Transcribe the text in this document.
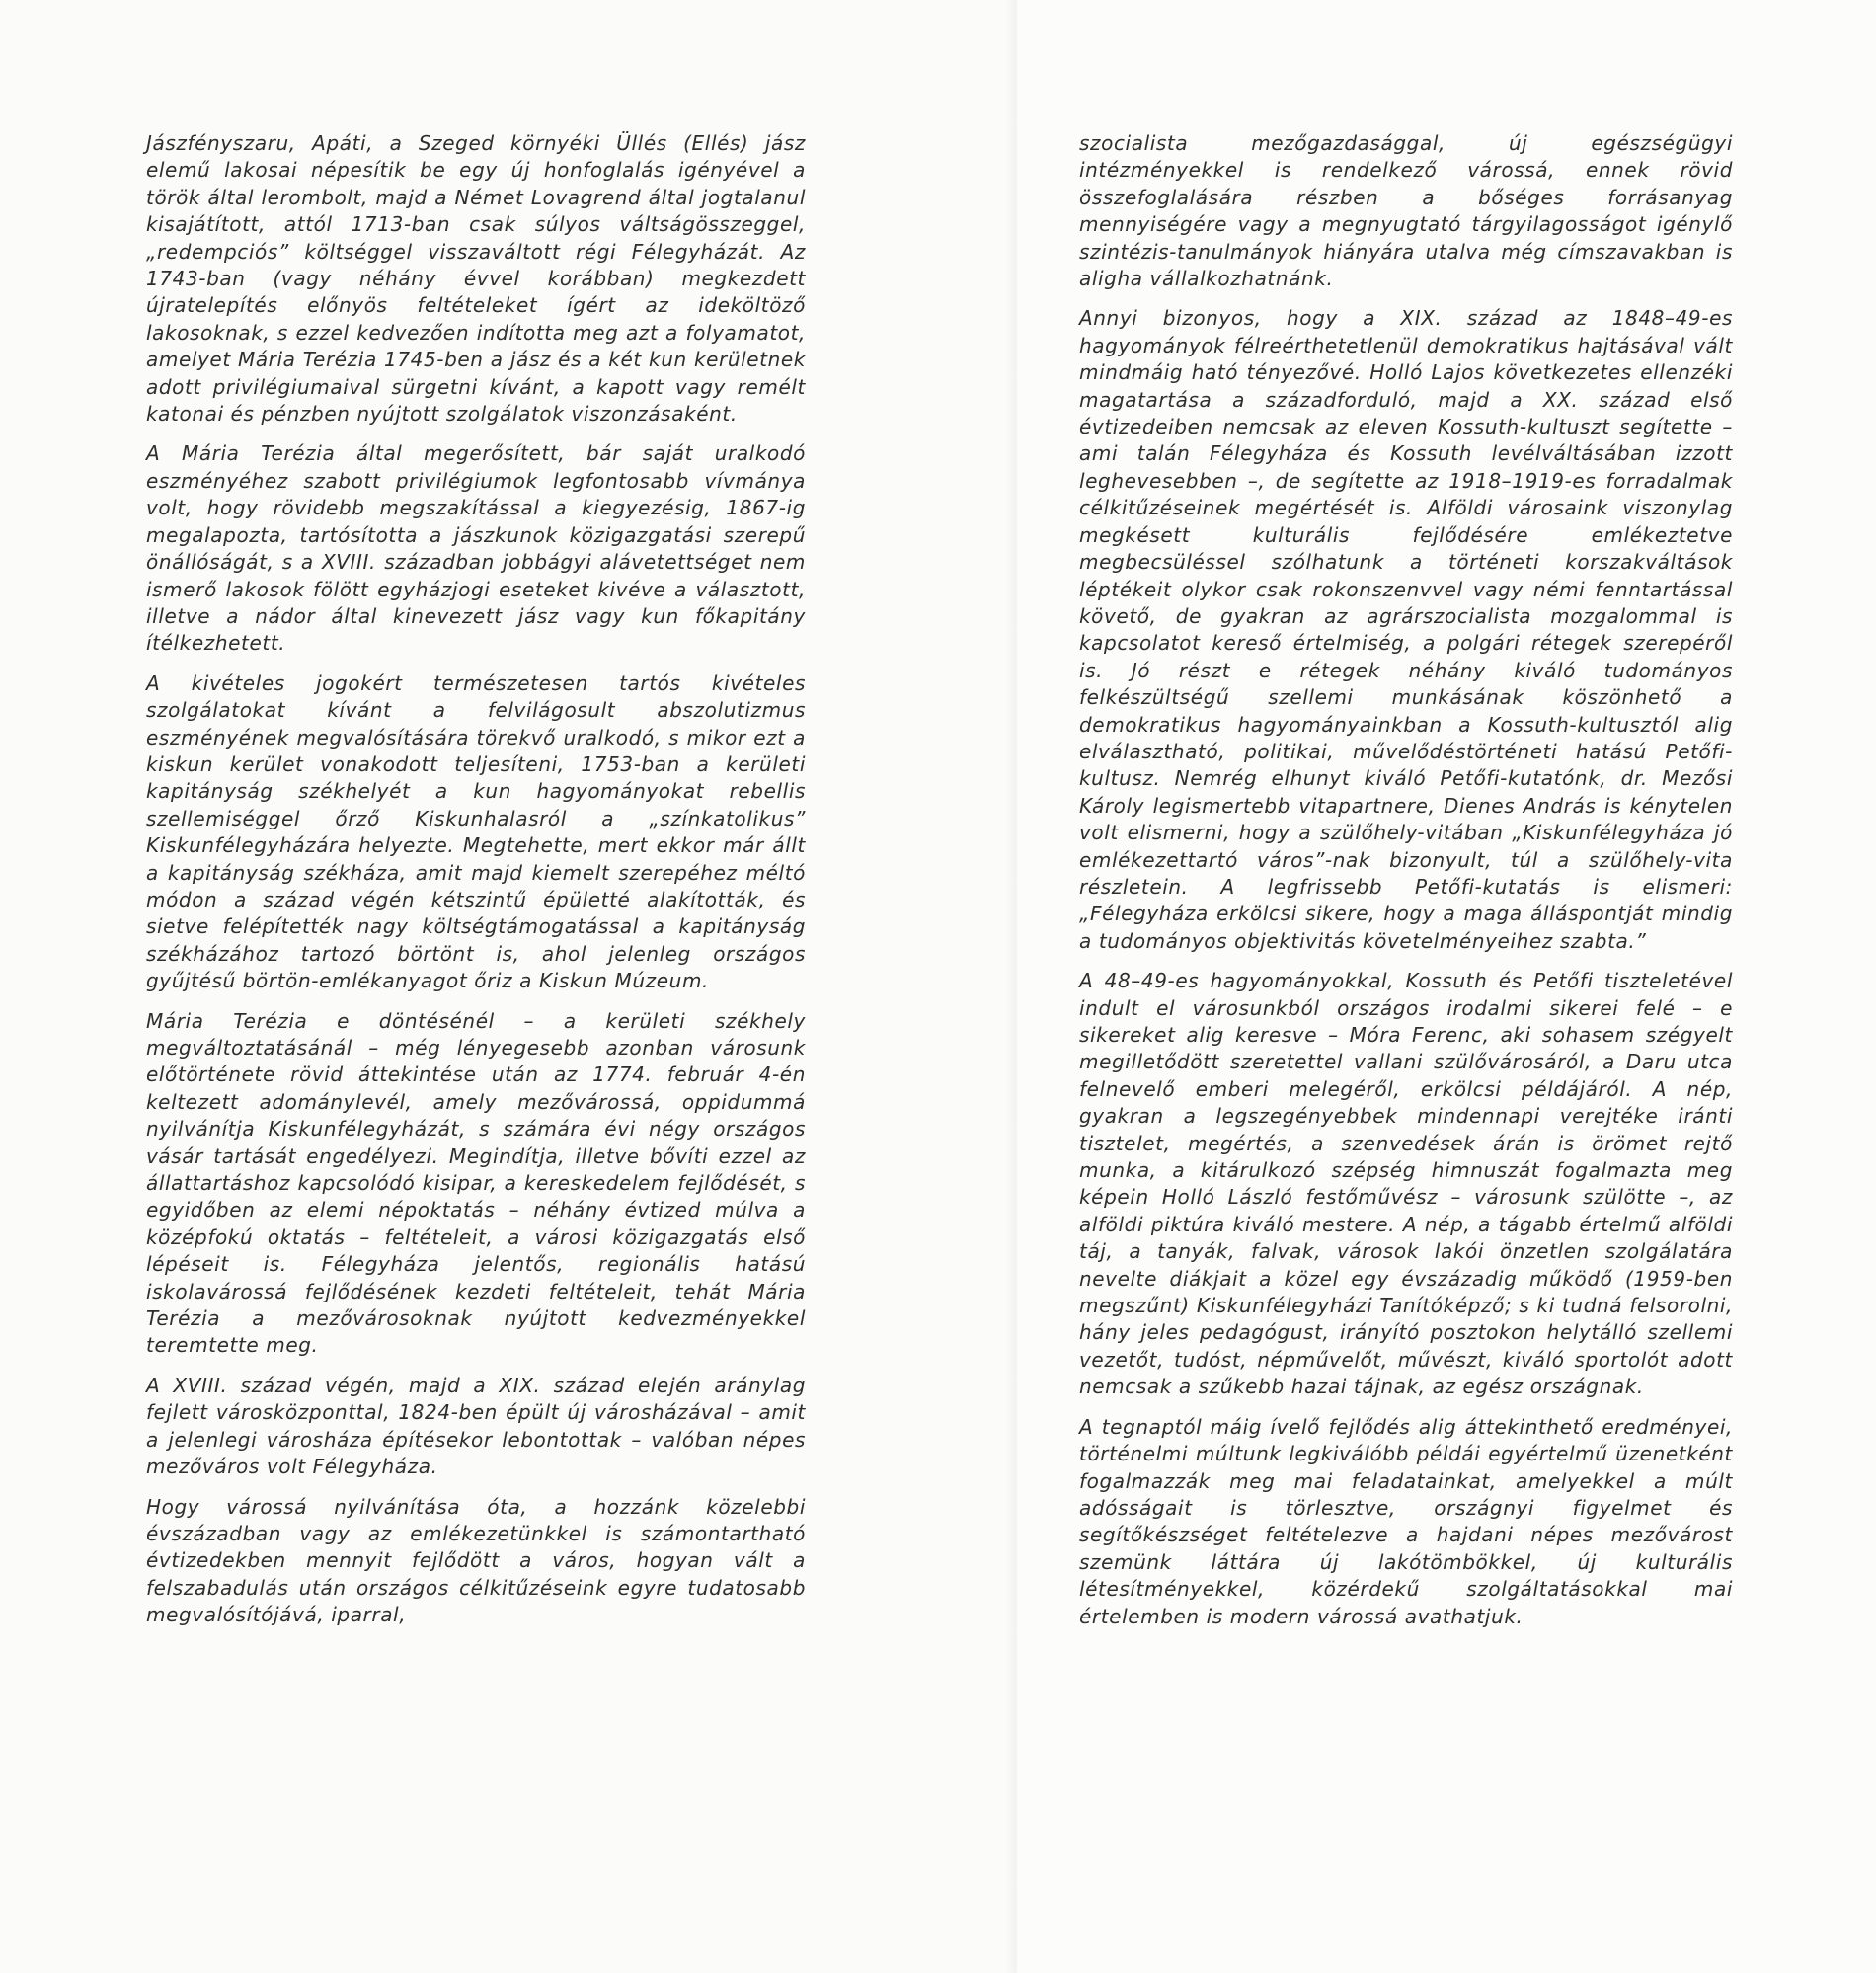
Jászfényszaru, Apáti, a Szeged környéki Üllés (Ellés) jász elemű lakosai népesítik be egy új honfoglalás igényével a török által lerombolt, majd a Német Lovagrend által jogtalanul kisajátított, attól 1713-ban csak súlyos váltságösszeggel, „redempciós” költséggel visszaváltott régi Félegyházát. Az 1743-ban (vagy néhány évvel korábban) megkezdett újratelepítés előnyös feltételeket ígért az ideköltöző lakosoknak, s ezzel kedvezően indította meg azt a folyamatot, amelyet Mária Terézia 1745-ben a jász és a két kun kerületnek adott privilégiumaival sürgetni kívánt, a kapott vagy remélt katonai és pénzben nyújtott szolgálatok viszonzásaként.

A Mária Terézia által megerősített, bár saját uralkodó eszményéhez szabott privilégiumok legfontosabb vívmánya volt, hogy rövidebb megszakítással a kiegyezésig, 1867-ig megalapozta, tartósította a jászkunok közigazgatási szerepű önállóságát, s a XVIII. században jobbágyi alávetettséget nem ismerő lakosok fölött egyházjogi eseteket kivéve a választott, illetve a nádor által kinevezett jász vagy kun főkapitány ítélkezhetett.

A kivételes jogokért természetesen tartós kivételes szolgálatokat kívánt a felvilágosult abszolutizmus eszményének megvalósítására törekvő uralkodó, s mikor ezt a kiskun kerület vonakodott teljesíteni, 1753-ban a kerületi kapitányság székhelyét a kun hagyományokat rebellis szellemiséggel őrző Kiskunhalasról a „színkatolikus” Kiskunfélegyházára helyezte. Megtehette, mert ekkor már állt a kapitányság székháza, amit majd kiemelt szerepéhez méltó módon a század végén kétszintű épületté alakították, és sietve felépítették nagy költségtámogatással a kapitányság székházához tartozó börtönt is, ahol jelenleg országos gyűjtésű börtön-emlékanyagot őriz a Kiskun Múzeum.

Mária Terézia e döntésénél – a kerületi székhely megváltoztatásánál – még lényegesebb azonban városunk előtörténete rövid áttekintése után az 1774. február 4-én keltezett adománylevél, amely mezővárossá, oppidummá nyilvánítja Kiskunfélegyházát, s számára évi négy országos vásár tartását engedélyezi. Megindítja, illetve bővíti ezzel az állattartáshoz kapcsolódó kisipar, a kereskedelem fejlődését, s egyidőben az elemi népoktatás – néhány évtized múlva a középfokú oktatás – feltételeit, a városi közigazgatás első lépéseit is. Félegyháza jelentős, regionális hatású iskolavárossá fejlődésének kezdeti feltételeit, tehát Mária Terézia a mezővárosoknak nyújtott kedvezményekkel teremtette meg.

A XVIII. század végén, majd a XIX. század elején aránylag fejlett városközponttal, 1824-ben épült új városházával – amit a jelenlegi városháza építésekor lebontottak – valóban népes mezőváros volt Félegyháza.

Hogy várossá nyilvánítása óta, a hozzánk közelebbi évszázadban vagy az emlékezetünkkel is számontartható évtizedekben mennyit fejlődött a város, hogyan vált a felszabadulás után országos célkitűzéseink egyre tudatosabb megvalósítójává, iparral,

szocialista mezőgazdasággal, új egészségügyi intézményekkel is rendelkező várossá, ennek rövid összefoglalására részben a bőséges forrásanyag mennyiségére vagy a megnyugtató tárgyilagosságot igénylő szintézis-tanulmányok hiányára utalva még címszavakban is aligha vállalkozhatnánk.

Annyi bizonyos, hogy a XIX. század az 1848–49-es hagyományok félreérthetetlenül demokratikus hajtásával vált mindmáig ható tényezővé. Holló Lajos következetes ellenzéki magatartása a századforduló, majd a XX. század első évtizedeiben nemcsak az eleven Kossuth-kultuszt segítette – ami talán Félegyháza és Kossuth levélváltásában izzott leghevesebben –, de segítette az 1918–1919-es forradalmak célkitűzéseinek megértését is. Alföldi városaink viszonylag megkésett kulturális fejlődésére emlékeztetve megbecsüléssel szólhatunk a történeti korszakváltások léptékeit olykor csak rokonszenvvel vagy némi fenntartással követő, de gyakran az agrárszocialista mozgalommal is kapcsolatot kereső értelmiség, a polgári rétegek szerepéről is. Jó részt e rétegek néhány kiváló tudományos felkészültségű szellemi munkásának köszönhető a demokratikus hagyományainkban a Kossuth-kultusztól alig elválasztható, politikai, művelődéstörténeti hatású Petőfi-kultusz. Nemrég elhunyt kiváló Petőfi-kutatónk, dr. Mezősi Károly legismertebb vitapartnere, Dienes András is kénytelen volt elismerni, hogy a szülőhely-vitában „Kiskunfélegyháza jó emlékezettartó város”-nak bizonyult, túl a szülőhely-vita részletein. A legfrissebb Petőfi-kutatás is elismeri: „Félegyháza erkölcsi sikere, hogy a maga álláspontját mindig a tudományos objektivitás követelményeihez szabta.”

A 48–49-es hagyományokkal, Kossuth és Petőfi tiszteletével indult el városunkból országos irodalmi sikerei felé – e sikereket alig keresve – Móra Ferenc, aki sohasem szégyelt megilletődött szeretettel vallani szülővárosáról, a Daru utca felnevelő emberi melegéről, erkölcsi példájáról. A nép, gyakran a legszegényebbek mindennapi verejtéke iránti tisztelet, megértés, a szenvedések árán is örömet rejtő munka, a kitárulkozó szépség himnuszát fogalmazta meg képein Holló László festőművész – városunk szülötte –, az alföldi piktúra kiváló mestere. A nép, a tágabb értelmű alföldi táj, a tanyák, falvak, városok lakói önzetlen szolgálatára nevelte diákjait a közel egy évszázadig működő (1959-ben megszűnt) Kiskunfélegyházi Tanítóképző; s ki tudná felsorolni, hány jeles pedagógust, irányító posztokon helytálló szellemi vezetőt, tudóst, népművelőt, művészt, kiváló sportolót adott nemcsak a szűkebb hazai tájnak, az egész országnak.

A tegnaptól máig ívelő fejlődés alig áttekinthető eredményei, történelmi múltunk legkiválóbb példái egyértelmű üzenetként fogalmazzák meg mai feladatainkat, amelyekkel a múlt adósságait is törlesztve, országnyi figyelmet és segítőkészséget feltételezve a hajdani népes mezővárost szemünk láttára új lakótömbökkel, új kulturális létesítményekkel, közérdekű szolgáltatásokkal mai értelemben is modern várossá avathatjuk.
